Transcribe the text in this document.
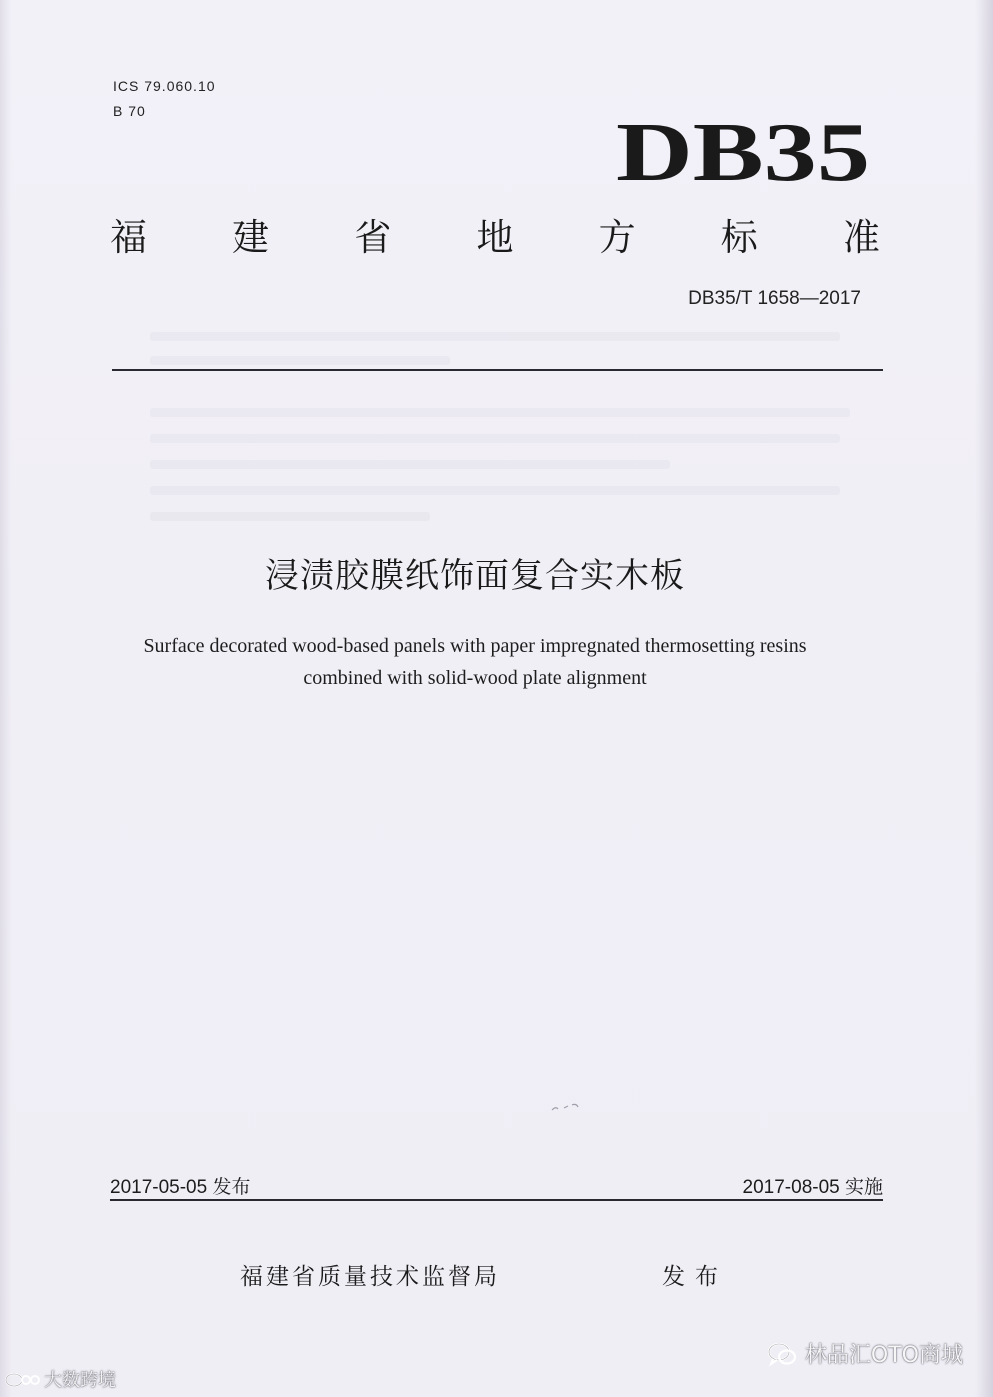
ICS 79.060.10
B 70	DB35
福 建 省 地 方 标 准
DB35/T 1658—2017
浸渍胶膜纸饰面复合实木板
Surface decorated wood-based panels with paper impregnated thermosetting resins
combined with solid-wood plate alignment
2017-05-05 发布	2017-08-05 实施
福建省质量技术监督局	发布
大数跨境
林品汇OTO商城
